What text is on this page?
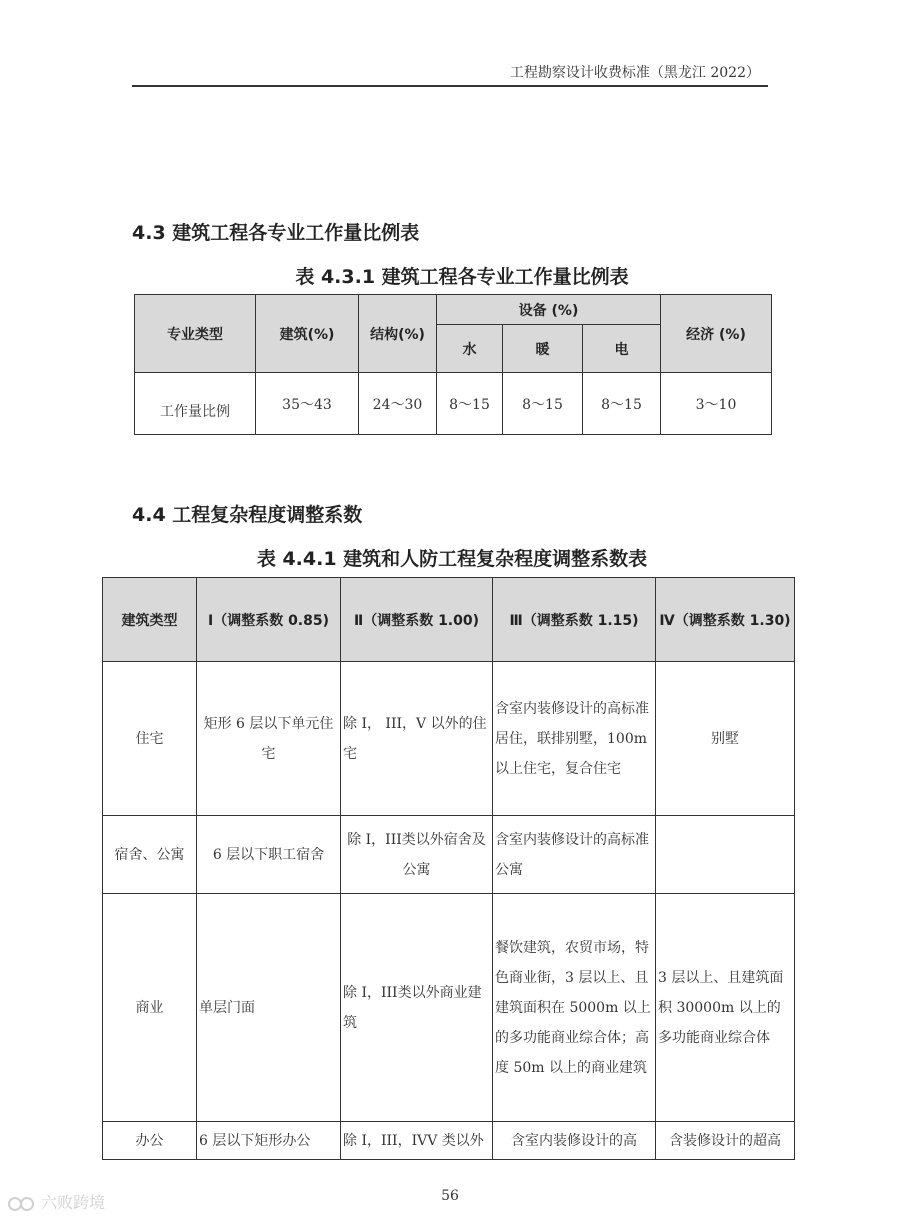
工程勘察设计收费标准（黑龙江 2022）
4.3 建筑工程各专业工作量比例表
表 4.3.1 建筑工程各专业工作量比例表
专业类型	建筑(%)	结构(%)	设备 (%)			经济 (%)
			水	暖	电	
工作量比例	35～43	24～30	8～15	8～15	8～15	3～10
4.4 工程复杂程度调整系数
表 4.4.1 建筑和人防工程复杂程度调整系数表
建筑类型	Ⅰ（调整系数 0.85)	Ⅱ（调整系数 1.00)	Ⅲ（调整系数 1.15)	Ⅳ（调整系数 1.30)
住宅	矩形 6 层以下单元住宅	除 I， III，V 以外的住宅	含室内装修设计的高标准居住，联排别墅，100m 以上住宅，复合住宅	别墅
宿舍、公寓	6 层以下职工宿舍	除 I，III类以外宿舍及公寓	含室内装修设计的高标准公寓	
商业	单层门面	除 I，III类以外商业建筑	餐饮建筑，农贸市场，特色商业街，3 层以上、且建筑面积在 5000m 以上的多功能商业综合体；高度 50m 以上的商业建筑	3 层以上、且建筑面积 30000m 以上的多功能商业综合体
办公	6 层以下矩形办公	除 I，III，IVV 类以外	含室内装修设计的高	含装修设计的超高
56
六败跨境
